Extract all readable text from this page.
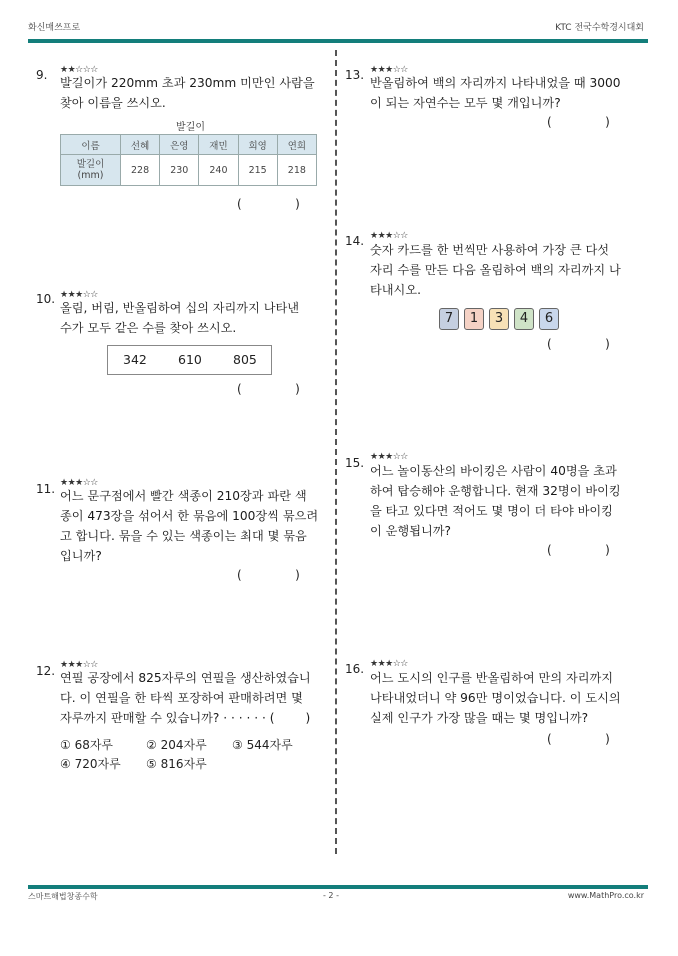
화신매쓰프로	KTC 전국수학경시대회
9. ★★☆☆☆
발길이가 220mm 초과 230mm 미만인 사람을
찾아 이름을 쓰시오.
발길이
이름	선혜	은영	재민	희영	연희

발길이
(mm)	228	230	240	215	218
(              )
10. ★★★☆☆
올림, 버림, 반올림하여 십의 자리까지 나타낸
수가 모두 같은 수를 찾아 쓰시오.
342 610 805
(              )
11. ★★★☆☆
어느 문구점에서 빨간 색종이 210장과 파란 색
종이 473장을 섞어서 한 묶음에 100장씩 묶으려
고 합니다. 묶을 수 있는 색종이는 최대 몇 묶음
입니까?
(              )
12. ★★★☆☆
연필 공장에서 825자루의 연필을 생산하였습니
다. 이 연필을 한 타씩 포장하여 판매하려면 몇
자루까지 판매할 수 있습니까? · · · · · · (        )
① 68자루	② 204자루 ③ 544자루
④ 720자루 ⑤ 816자루
13. ★★★☆☆
반올림하여 백의 자리까지 나타내었을 때 3000
이 되는 자연수는 모두 몇 개입니까?
(              )
14. ★★★☆☆
숫자 카드를 한 번씩만 사용하여 가장 큰 다섯
자리 수를 만든 다음 올림하여 백의 자리까지 나
타내시오.
7	1	3	4	6
(              )
15. ★★★☆☆
어느 놀이동산의 바이킹은 사람이 40명을 초과
하여 탑승해야 운행합니다. 현재 32명이 바이킹
을 타고 있다면 적어도 몇 명이 더 타야 바이킹
이 운행됩니까?
(              )
16. ★★★☆☆
어느 도시의 인구를 반올림하여 만의 자리까지
나타내었더니 약 96만 명이었습니다. 이 도시의
실제 인구가 가장 많을 때는 몇 명입니까?
(              )
스마트해법창종수학	- 2 -	www.MathPro.co.kr
